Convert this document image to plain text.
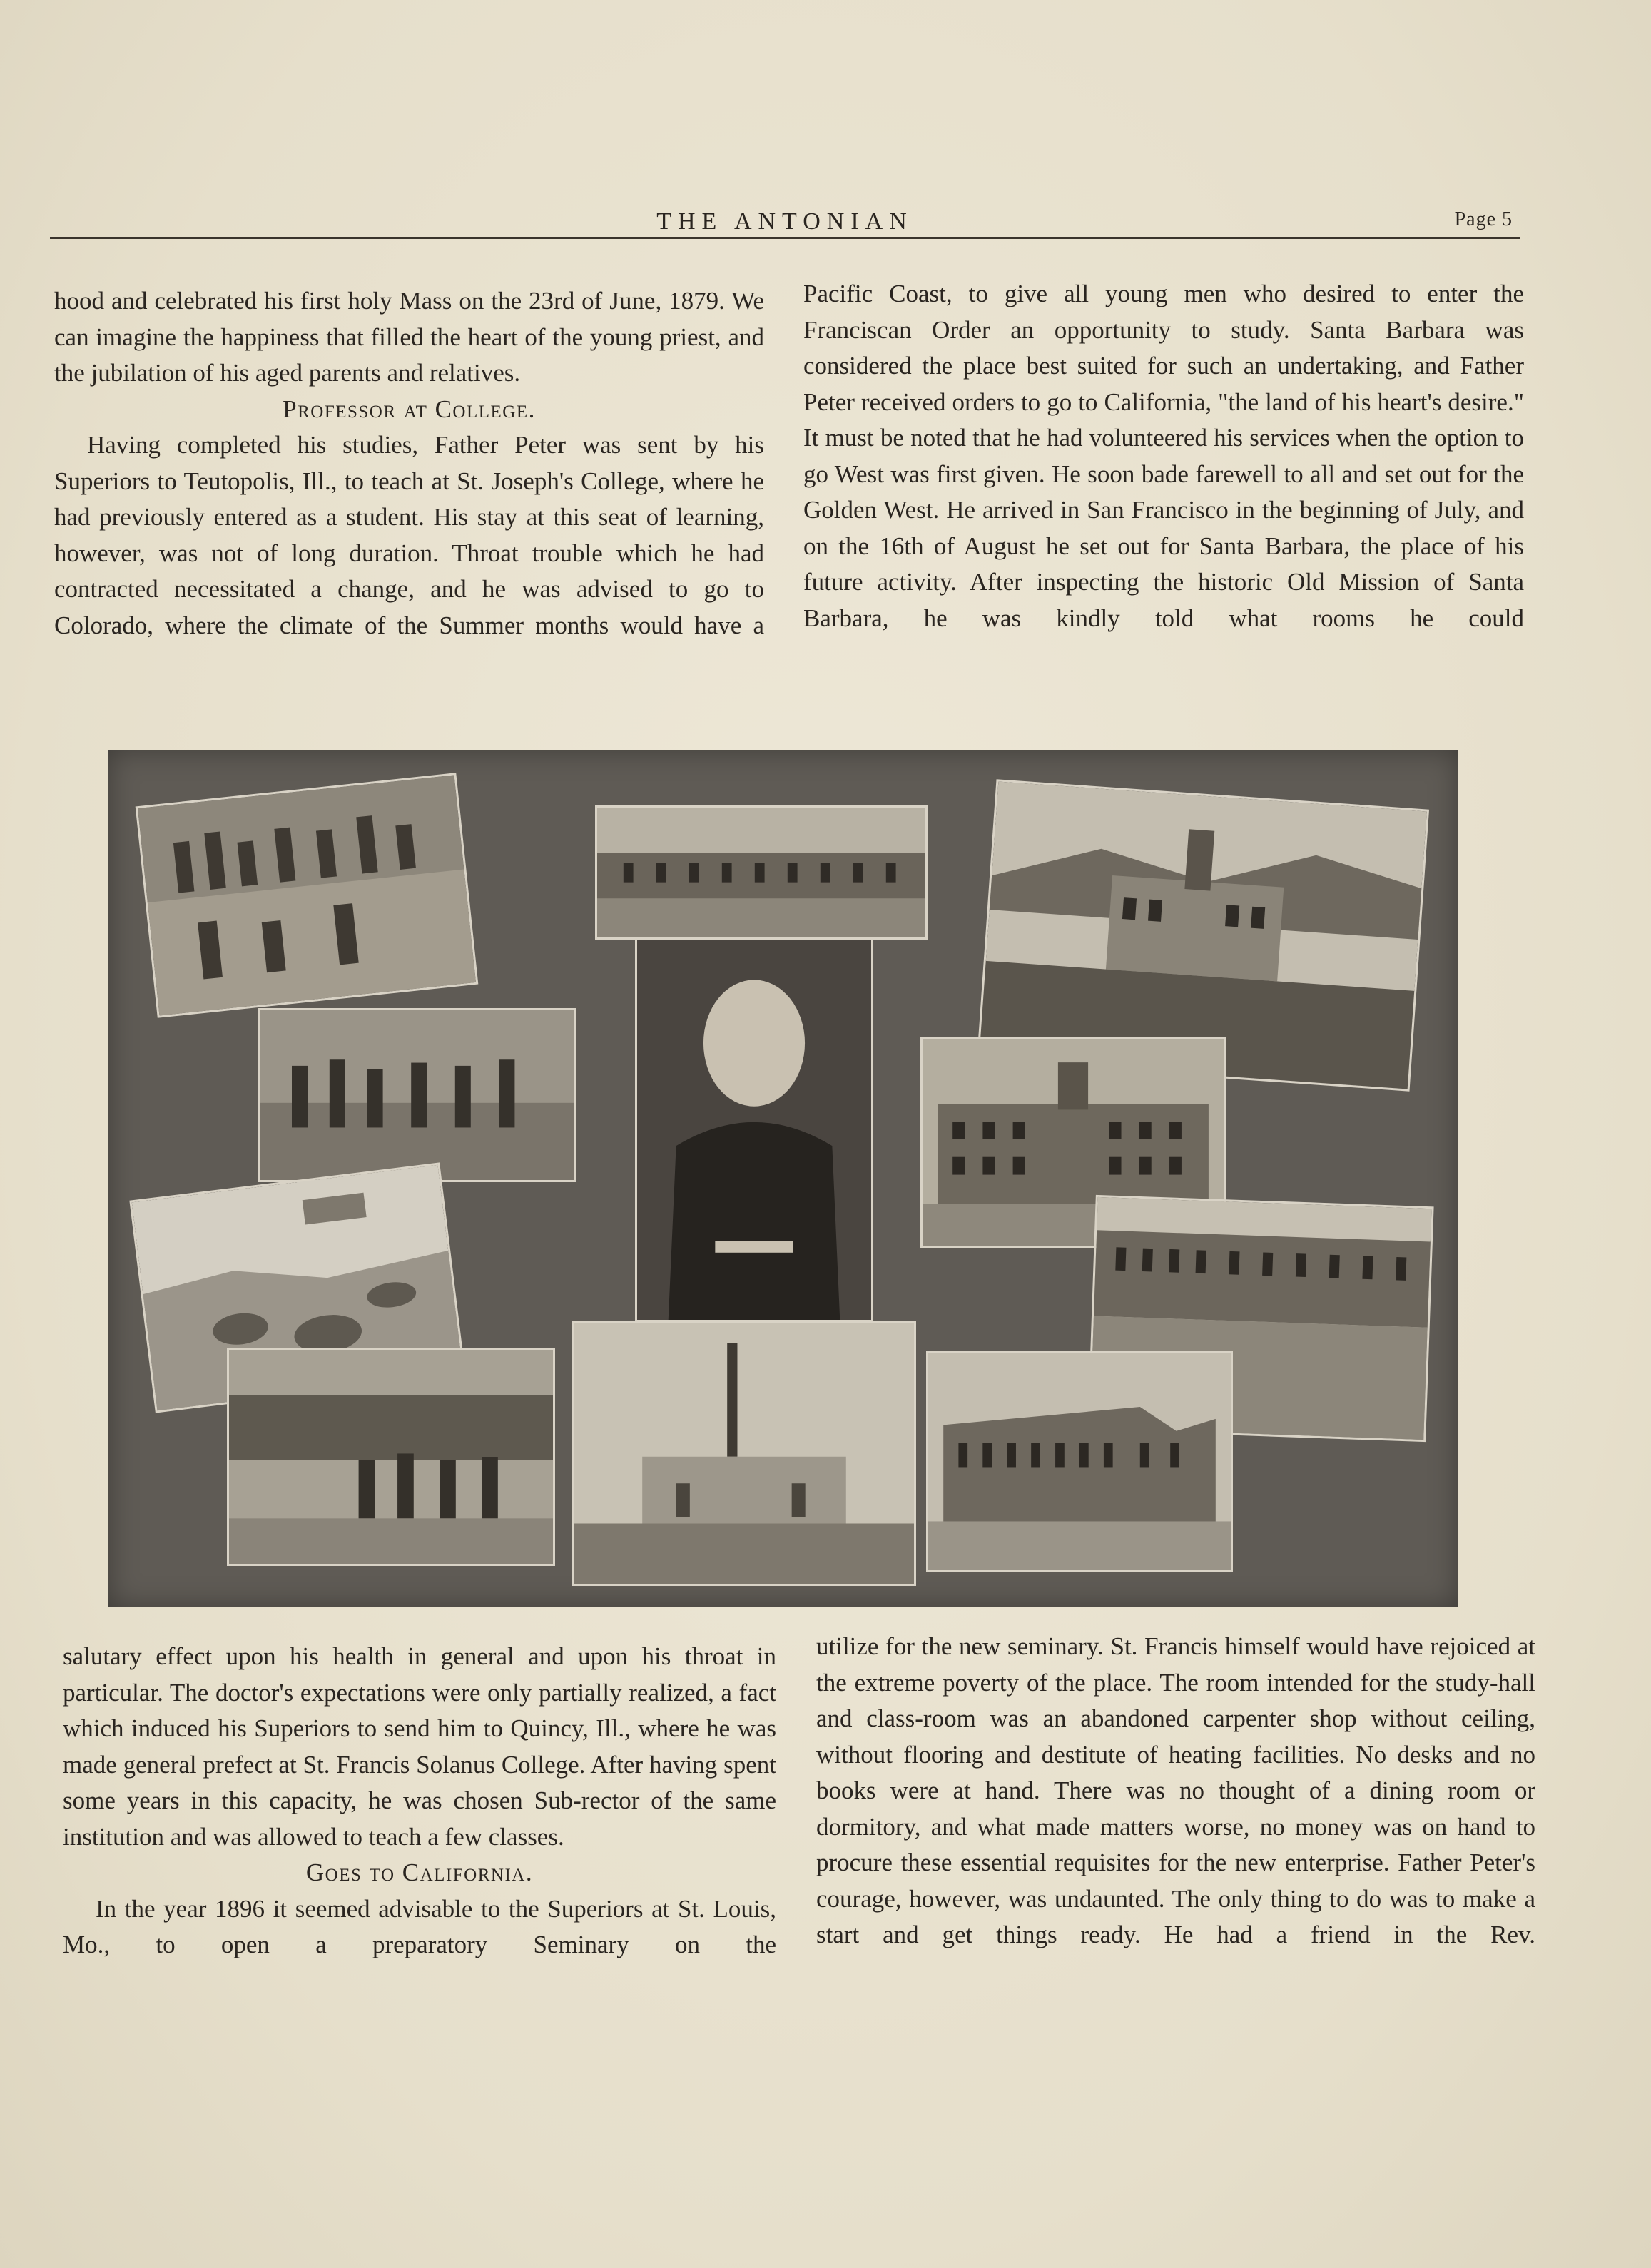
THE ANTONIAN	Page 5

hood and celebrated his first holy Mass on the 23rd of June, 1879. We can imagine the happiness that filled the heart of the young priest, and the jubilation of his aged parents and relatives.

Professor at College.

Having completed his studies, Father Peter was sent by his Superiors to Teutopolis, Ill., to teach at St. Joseph's College, where he had previously entered as a student. His stay at this seat of learning, however, was not of long duration. Throat trouble which he had contracted necessitated a change, and he was advised to go to Colorado, where the climate of the Summer months would have a

Pacific Coast, to give all young men who desired to enter the Franciscan Order an opportunity to study. Santa Barbara was considered the place best suited for such an undertaking, and Father Peter received orders to go to California, "the land of his heart's desire." It must be noted that he had volunteered his services when the option to go West was first given. He soon bade farewell to all and set out for the Golden West. He arrived in San Francisco in the beginning of July, and on the 16th of August he set out for Santa Barbara, the place of his future activity. After inspecting the historic Old Mission of Santa Barbara, he was kindly told what rooms he could

salutary effect upon his health in general and upon his throat in particular. The doctor's expectations were only partially realized, a fact which induced his Superiors to send him to Quincy, Ill., where he was made general prefect at St. Francis Solanus College. After having spent some years in this capacity, he was chosen Sub-rector of the same institution and was allowed to teach a few classes.

Goes to California.

In the year 1896 it seemed advisable to the Superiors at St. Louis, Mo., to open a preparatory Seminary on the

utilize for the new seminary. St. Francis himself would have rejoiced at the extreme poverty of the place. The room intended for the study-hall and class-room was an abandoned carpenter shop without ceiling, without flooring and destitute of heating facilities. No desks and no books were at hand. There was no thought of a dining room or dormitory, and what made matters worse, no money was on hand to procure these essential requisites for the new enterprise. Father Peter's courage, however, was undaunted. The only thing to do was to make a start and get things ready. He had a friend in the Rev.
